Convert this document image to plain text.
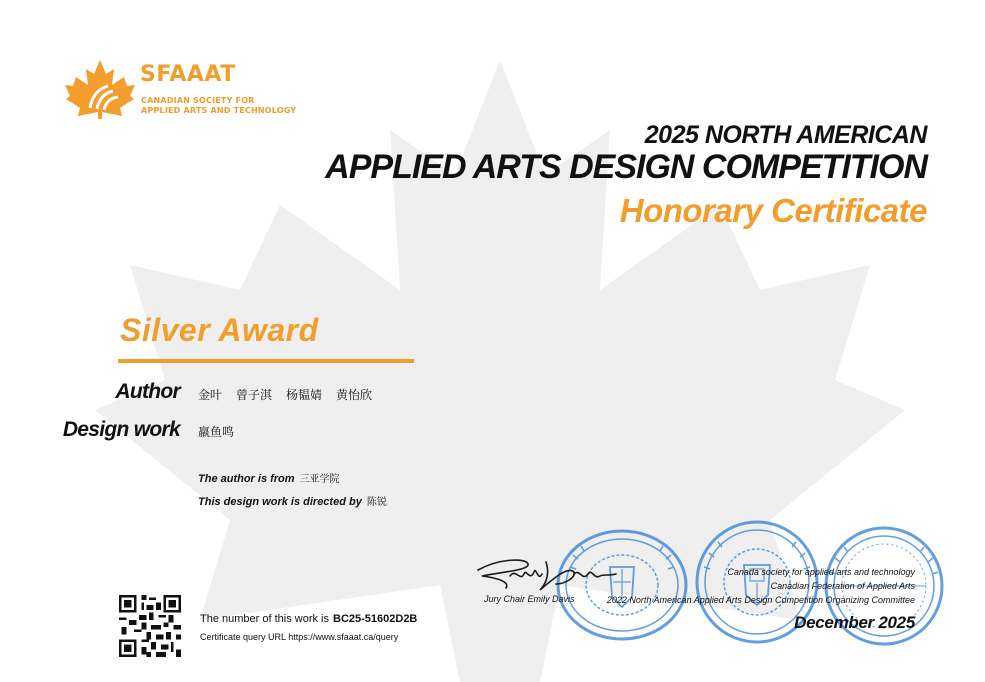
SFAAAT
CANADIAN SOCIETY FOR
APPLIED ARTS AND TECHNOLOGY
2025 NORTH AMERICAN
APPLIED ARTS DESIGN COMPETITION
Honorary Certificate
Silver Award
Author 金叶 曾子淇 杨韫婧 黄怡欣
Design work 羸鱼鸣
The author is from 三亚学院
This design work is directed by 陈锐
The number of this work is BC25-51602D2B
Certificate query URL https://www.sfaaat.ca/query
Jury Chair Emily Davis
Canada society for applied arts and technology
Canadian Federation of Applied Arts
2022 North American Applied Arts Design Competition Organizing Committee
December 2025
